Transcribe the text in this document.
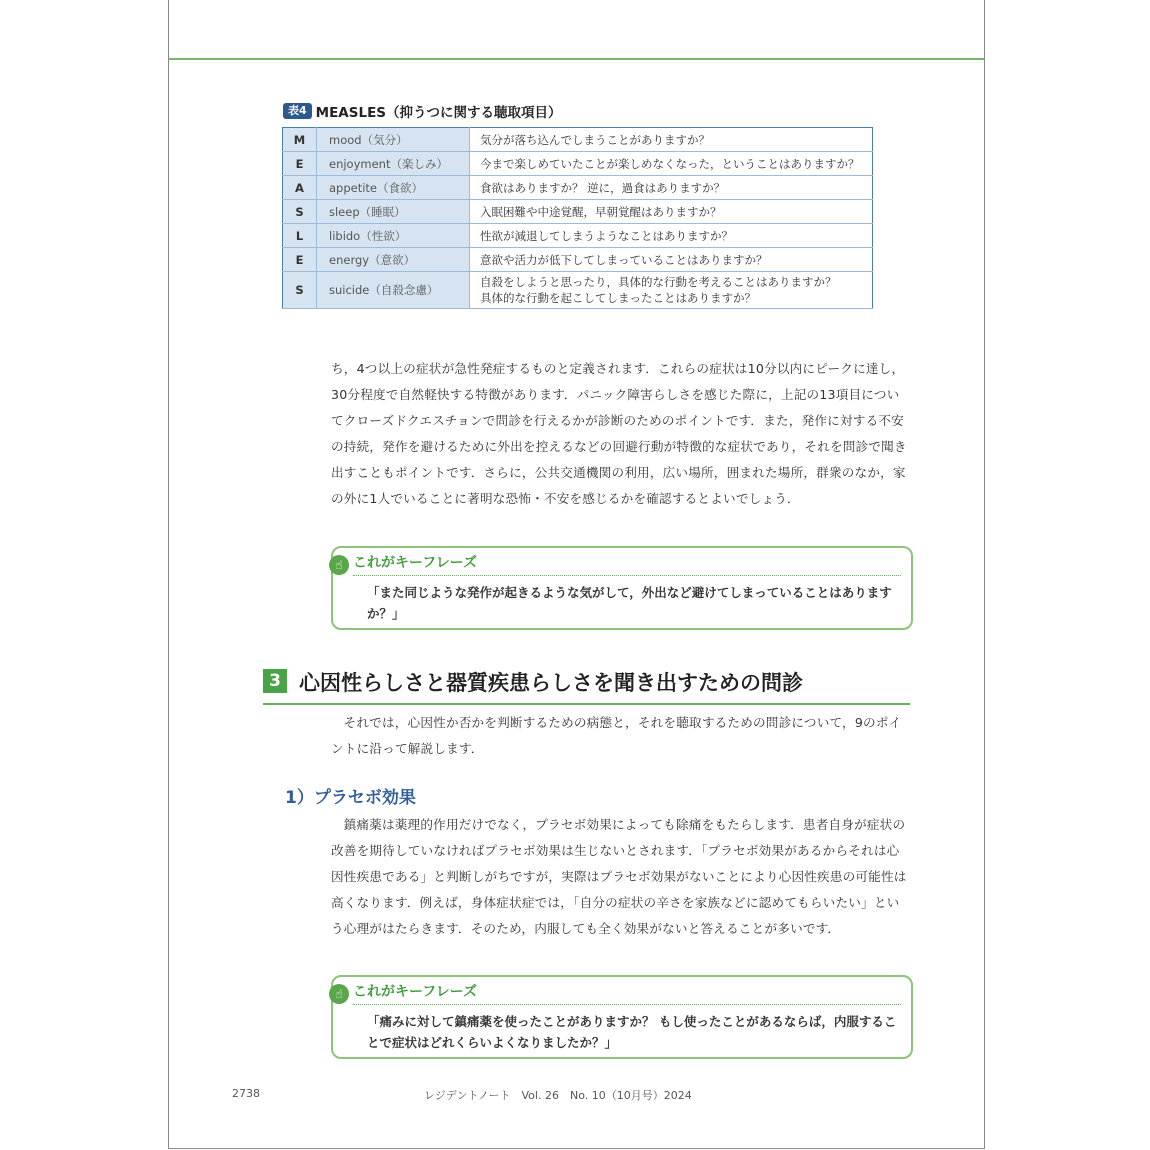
表4 MEASLES（抑うつに関する聴取項目）
M	mood（気分）	気分が落ち込んでしまうことがありますか？
E	enjoyment（楽しみ）	今まで楽しめていたことが楽しめなくなった，ということはありますか？
A	appetite（食欲）	食欲はありますか？ 逆に，過食はありますか？
S	sleep（睡眠）	入眠困難や中途覚醒，早朝覚醒はありますか？
L	libido（性欲）	性欲が減退してしまうようなことはありますか？
E	energy（意欲）	意欲や活力が低下してしまっていることはありますか？
S	suicide（自殺念慮）	自殺をしようと思ったり，具体的な行動を考えることはありますか？
具体的な行動を起こしてしまったことはありますか？

ち，4つ以上の症状が急性発症するものと定義されます．これらの症状は10分以内にピークに達し，30分程度で自然軽快する特徴があります．パニック障害らしさを感じた際に，上記の13項目についてクローズドクエスチョンで問診を行えるかが診断のためのポイントです．また，発作に対する不安の持続，発作を避けるために外出を控えるなどの回避行動が特徴的な症状であり，それを問診で聞き出すこともポイントです．さらに，公共交通機関の利用，広い場所，囲まれた場所，群衆のなか，家の外に1人でいることに著明な恐怖・不安を感じるかを確認するとよいでしょう．

☝ これがキーフレーズ
「また同じような発作が起きるような気がして，外出など避けてしまっていることはありますか？」
3 心因性らしさと器質疾患らしさを聞き出すための問診

それでは，心因性か否かを判断するための病態と，それを聴取するための問診について，9のポイントに沿って解説します．

1）プラセボ効果

鎮痛薬は薬理的作用だけでなく，プラセボ効果によっても除痛をもたらします．患者自身が症状の改善を期待していなければプラセボ効果は生じないとされます．「プラセボ効果があるからそれは心因性疾患である」と判断しがちですが，実際はプラセボ効果がないことにより心因性疾患の可能性は高くなります．例えば，身体症状症では，「自分の症状の辛さを家族などに認めてもらいたい」という心理がはたらきます．そのため，内服しても全く効果がないと答えることが多いです．

☝ これがキーフレーズ
「痛みに対して鎮痛薬を使ったことがありますか？ もし使ったことがあるならば，内服することで症状はどれくらいよくなりましたか？」
2738	レジデントノート　Vol. 26　No. 10（10月号）2024
